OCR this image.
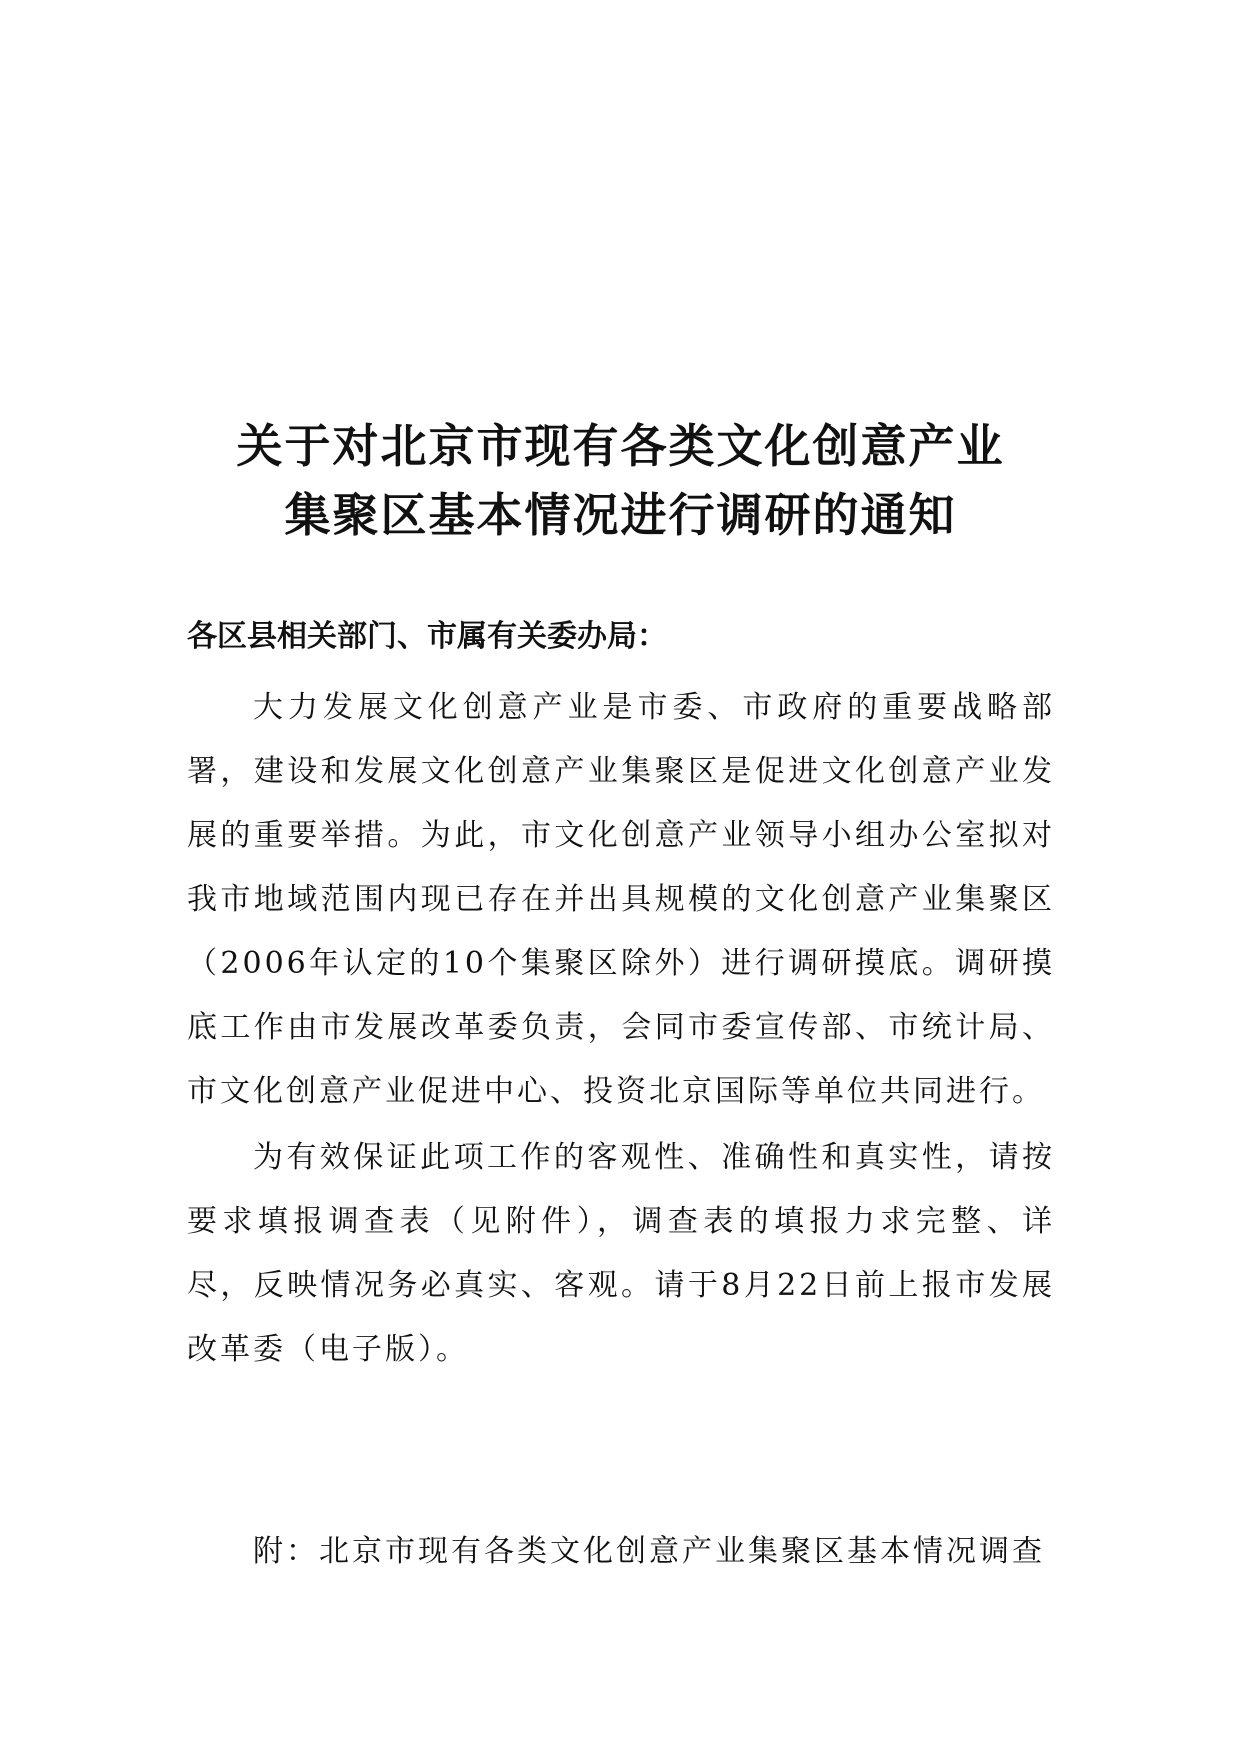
关于对北京市现有各类文化创意产业
集聚区基本情况进行调研的通知

各区县相关部门、市属有关委办局：

大力发展文化创意产业是市委、市政府的重要战略部署，建设和发展文化创意产业集聚区是促进文化创意产业发展的重要举措。为此，市文化创意产业领导小组办公室拟对我市地域范围内现已存在并出具规模的文化创意产业集聚区（2006年认定的10个集聚区除外）进行调研摸底。调研摸底工作由市发展改革委负责，会同市委宣传部、市统计局、市文化创意产业促进中心、投资北京国际等单位共同进行。

为有效保证此项工作的客观性、准确性和真实性，请按要求填报调查表（见附件），调查表的填报力求完整、详尽，反映情况务必真实、客观。请于8月22日前上报市发展改革委（电子版）。

附：北京市现有各类文化创意产业集聚区基本情况调查
